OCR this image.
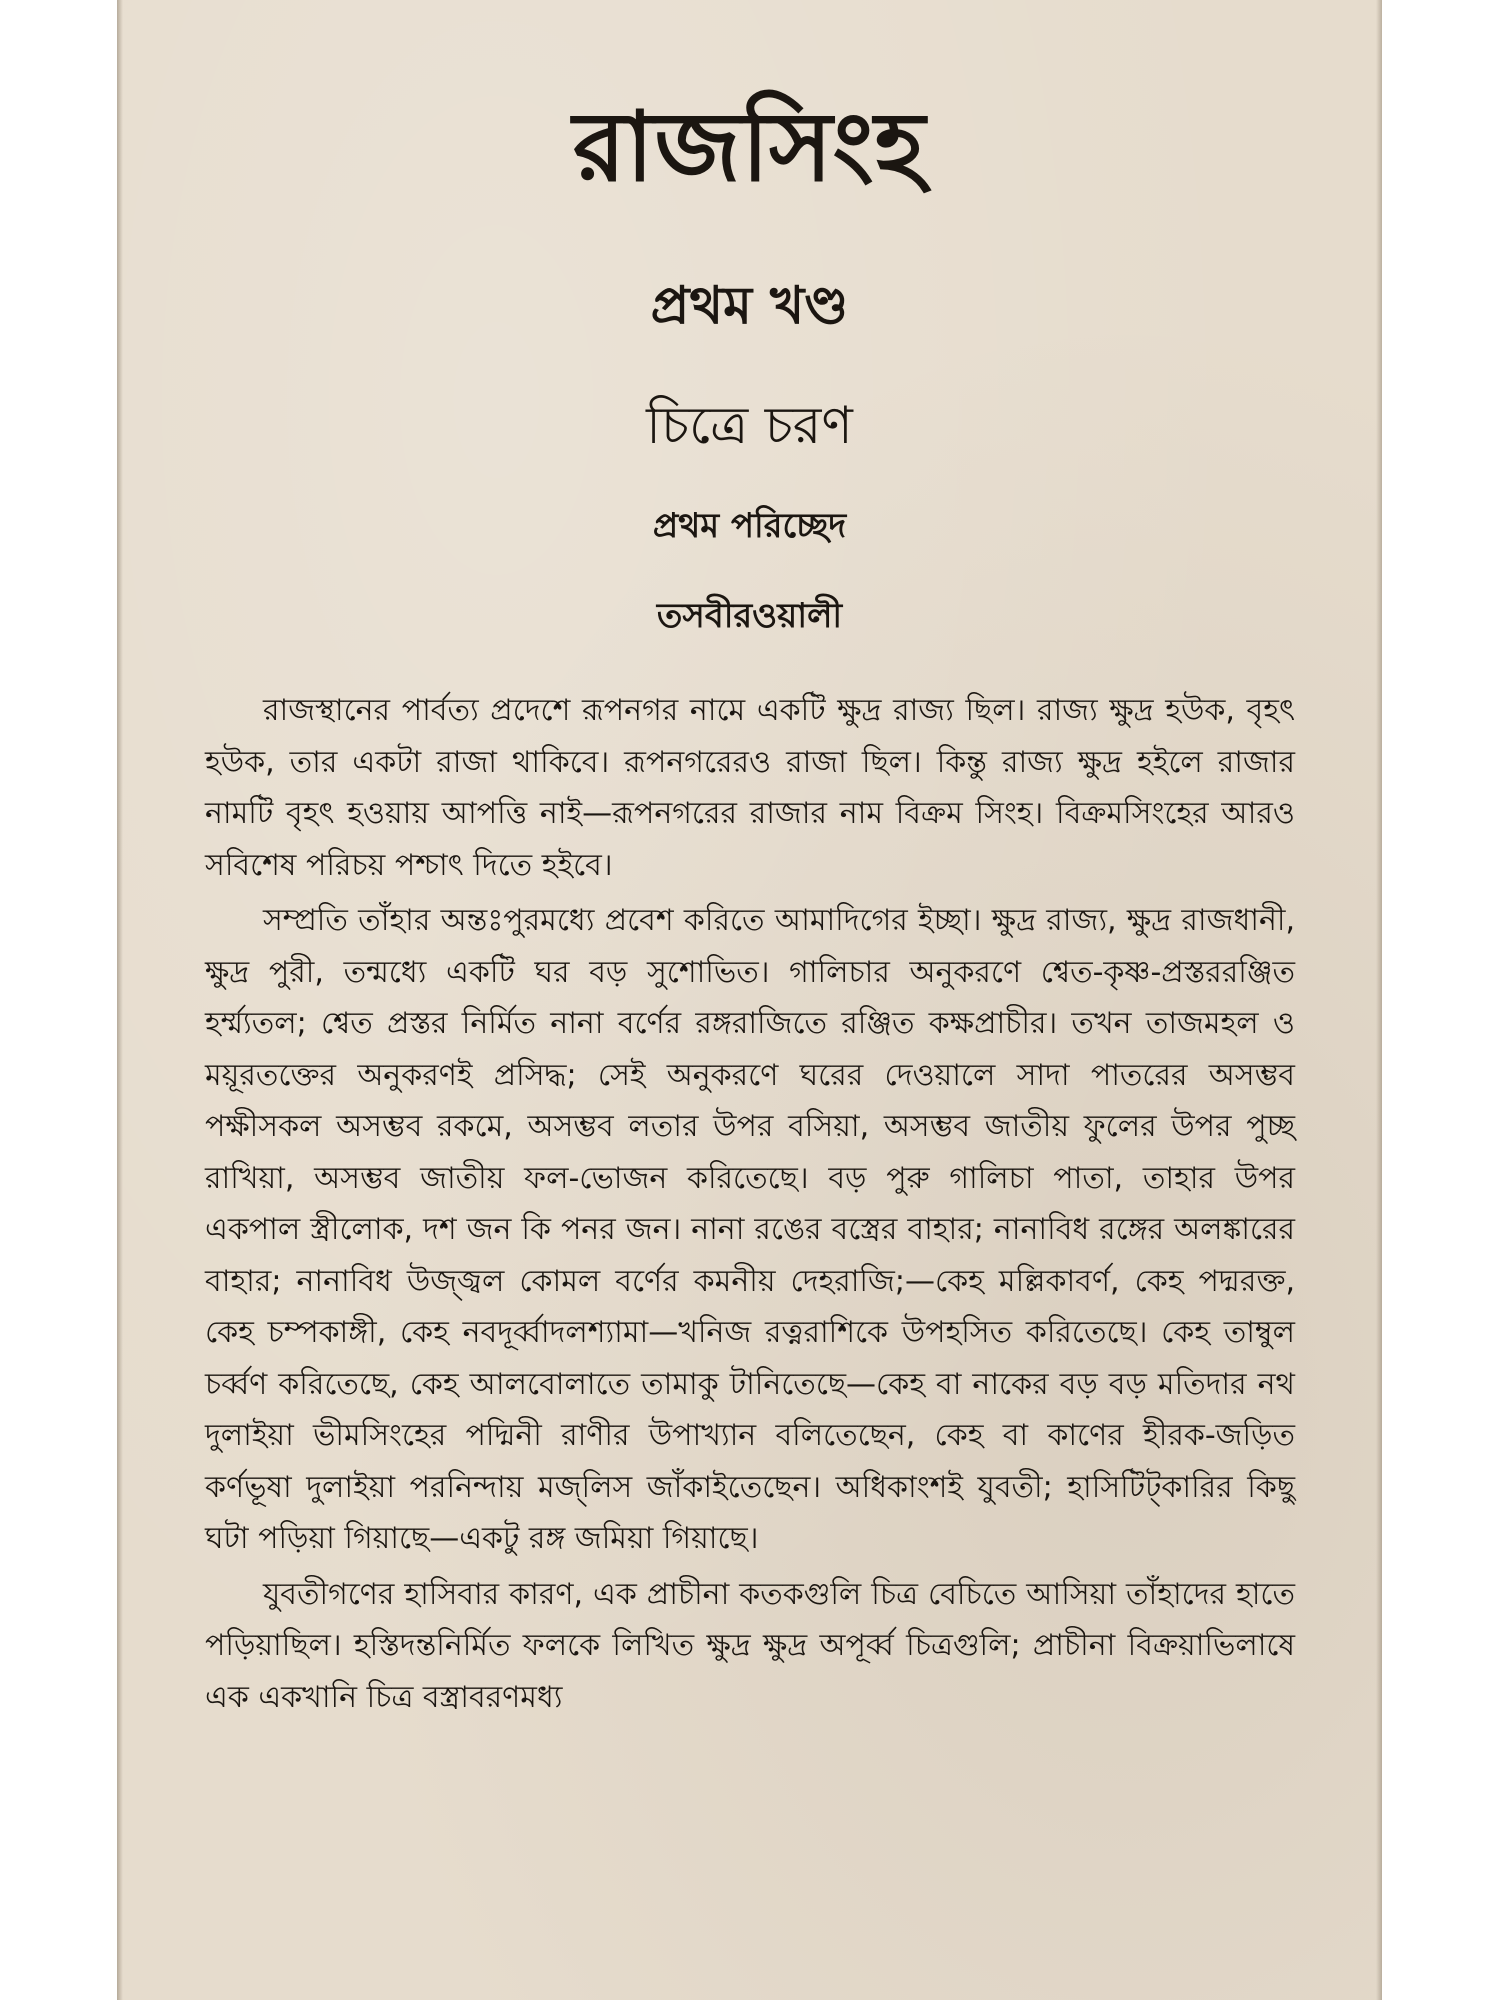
রাজসিংহ
প্রথম খণ্ড
চিত্রে চরণ
প্রথম পরিচ্ছেদ
তসবীরওয়ালী

রাজস্থানের পার্বত্য প্রদেশে রূপনগর নামে একটি ক্ষুদ্র রাজ্য ছিল। রাজ্য ক্ষুদ্র হউক, বৃহৎ হউক, তার একটা রাজা থাকিবে। রূপনগরেরও রাজা ছিল। কিন্তু রাজ্য ক্ষুদ্র হইলে রাজার নামটি বৃহৎ হওয়ায় আপত্তি নাই—রূপনগরের রাজার নাম বিক্রম সিংহ। বিক্রমসিংহের আরও সবিশেষ পরিচয় পশ্চাৎ দিতে হইবে।

সম্প্রতি তাঁহার অন্তঃপুরমধ্যে প্রবেশ করিতে আমাদিগের ইচ্ছা। ক্ষুদ্র রাজ্য, ক্ষুদ্র রাজধানী, ক্ষুদ্র পুরী, তন্মধ্যে একটি ঘর বড় সুশোভিত। গালিচার অনুকরণে শ্বেত-কৃষ্ণ-প্রস্তররঞ্জিত হর্ম্ম্যতল; শ্বেত প্রস্তর নির্মিত নানা বর্ণের রঙ্গরাজিতে রঞ্জিত কক্ষপ্রাচীর। তখন তাজমহল ও ময়ূরতক্তের অনুকরণই প্রসিদ্ধ; সেই অনুকরণে ঘরের দেওয়ালে সাদা পাতরের অসম্ভব পক্ষীসকল অসম্ভব রকমে, অসম্ভব লতার উপর বসিয়া, অসম্ভব জাতীয় ফুলের উপর পুচ্ছ রাখিয়া, অসম্ভব জাতীয় ফল-ভোজন করিতেছে। বড় পুরু গালিচা পাতা, তাহার উপর একপাল স্ত্রীলোক, দশ জন কি পনর জন। নানা রঙের বস্ত্রের বাহার; নানাবিধ রঙ্গের অলঙ্কারের বাহার; নানাবিধ উজ্জ্বল কোমল বর্ণের কমনীয় দেহরাজি;—কেহ মল্লিকাবর্ণ, কেহ পদ্মরক্ত, কেহ চম্পকাঙ্গী, কেহ নবদূর্ব্বাদলশ্যামা—খনিজ রত্নরাশিকে উপহসিত করিতেছে। কেহ তাম্বুল চর্ব্বণ করিতেছে, কেহ আলবোলাতে তামাকু টানিতেছে—কেহ বা নাকের বড় বড় মতিদার নথ দুলাইয়া ভীমসিংহের পদ্মিনী রাণীর উপাখ্যান বলিতেছেন, কেহ বা কাণের হীরক-জড়িত কর্ণভূষা দুলাইয়া পরনিন্দায় মজ্‌লিস জাঁকাইতেছেন। অধিকাংশই যুবতী; হাসিটিট্‌কারির কিছু ঘটা পড়িয়া গিয়াছে—একটু রঙ্গ জমিয়া গিয়াছে।

যুবতীগণের হাসিবার কারণ, এক প্রাচীনা কতকগুলি চিত্র বেচিতে আসিয়া তাঁহাদের হাতে পড়িয়াছিল। হস্তিদন্তনির্মিত ফলকে লিখিত ক্ষুদ্র ক্ষুদ্র অপূর্ব্ব চিত্রগুলি; প্রাচীনা বিক্রয়াভিলাষে এক একখানি চিত্র বস্ত্রাবরণমধ্য
